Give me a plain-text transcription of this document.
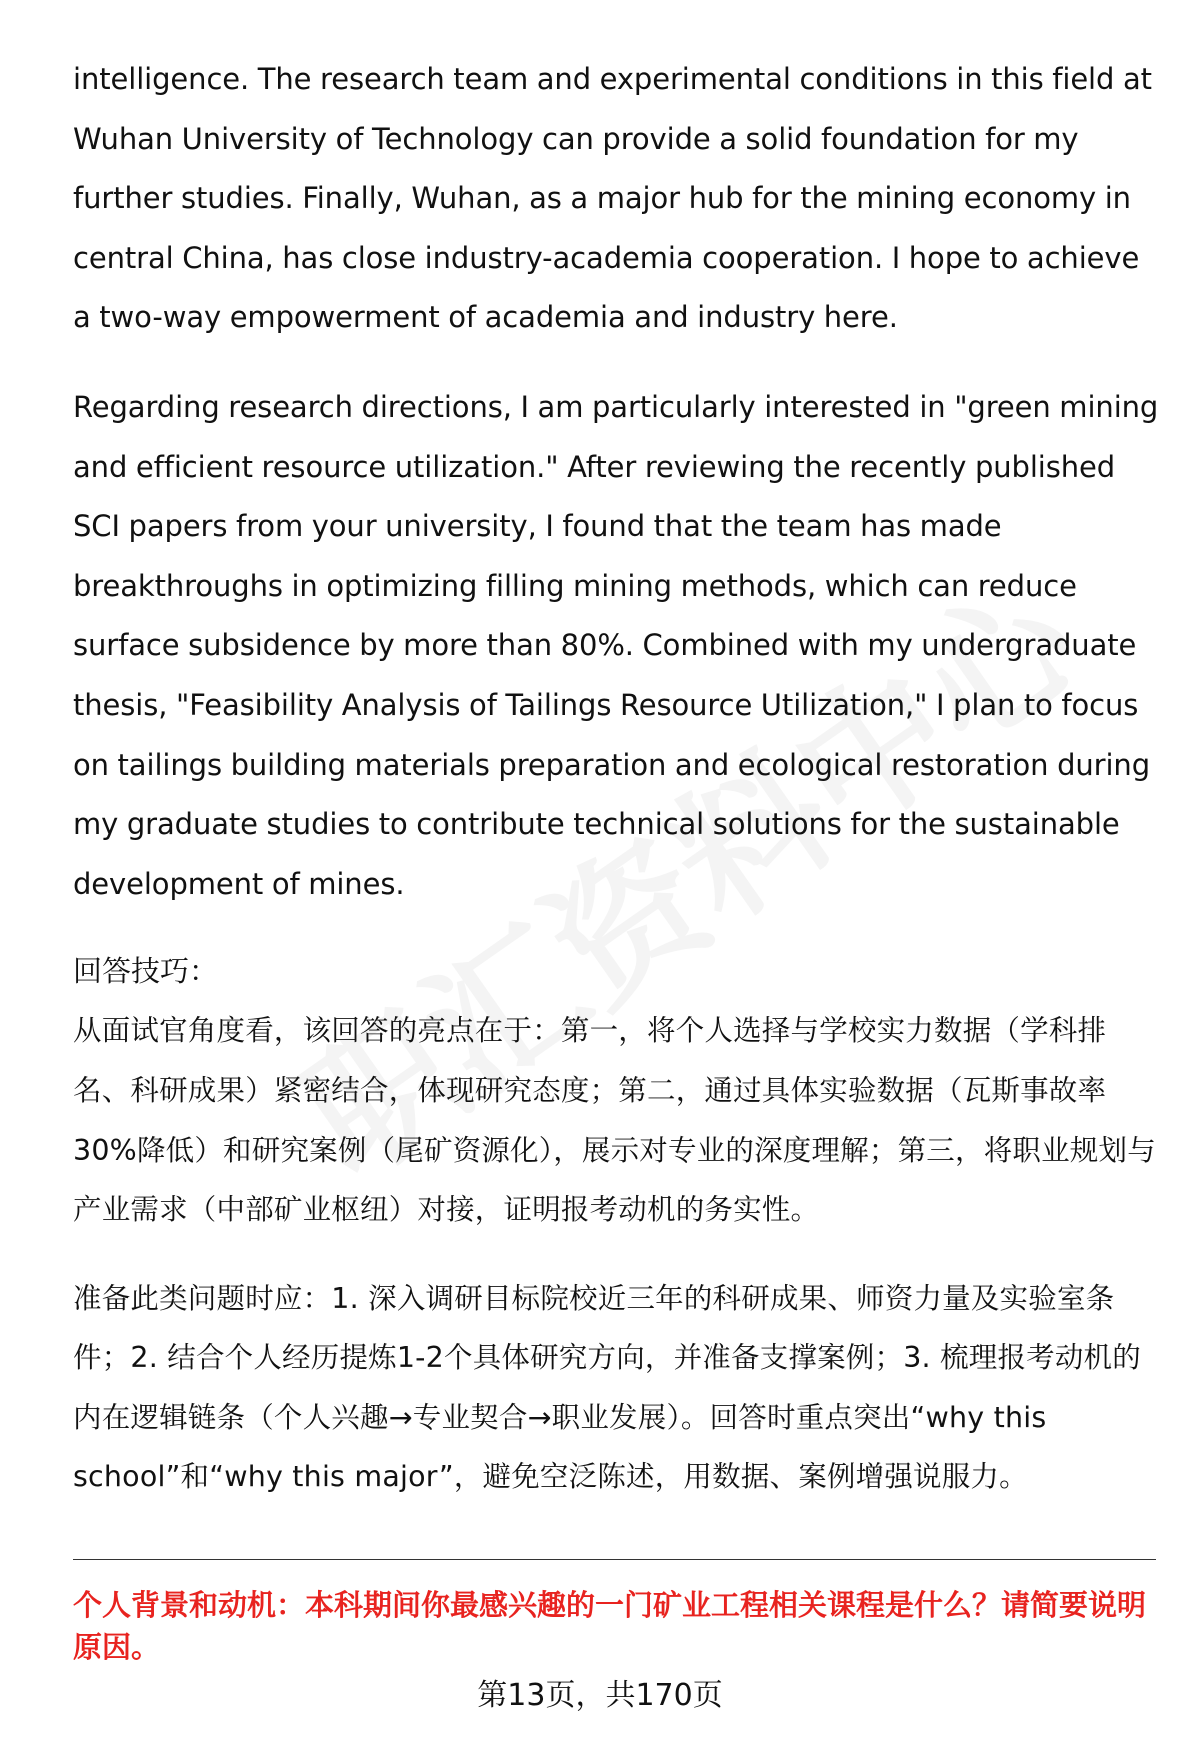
intelligence. The research team and experimental conditions in this field at Wuhan University of Technology can provide a solid foundation for my further studies. Finally, Wuhan, as a major hub for the mining economy in central China, has close industry-academia cooperation. I hope to achieve a two-way empowerment of academia and industry here.

Regarding research directions, I am particularly interested in "green mining and efficient resource utilization." After reviewing the recently published SCI papers from your university, I found that the team has made breakthroughs in optimizing filling mining methods, which can reduce surface subsidence by more than 80%. Combined with my undergraduate thesis, "Feasibility Analysis of Tailings Resource Utilization," I plan to focus on tailings building materials preparation and ecological restoration during my graduate studies to contribute technical solutions for the sustainable development of mines.

回答技巧：

从面试官角度看，该回答的亮点在于：第一，将个人选择与学校实力数据（学科排名、科研成果）紧密结合，体现研究态度；第二，通过具体实验数据（瓦斯事故率30%降低）和研究案例（尾矿资源化），展示对专业的深度理解；第三，将职业规划与产业需求（中部矿业枢纽）对接，证明报考动机的务实性。

准备此类问题时应：1. 深入调研目标院校近三年的科研成果、师资力量及实验室条件；2. 结合个人经历提炼1-2个具体研究方向，并准备支撑案例；3. 梳理报考动机的内在逻辑链条（个人兴趣→专业契合→职业发展）。回答时重点突出“why this school”和“why this major”，避免空泛陈述，用数据、案例增强说服力。

个人背景和动机：本科期间你最感兴趣的一门矿业工程相关课程是什么？请简要说明原因。

第13页，共170页
